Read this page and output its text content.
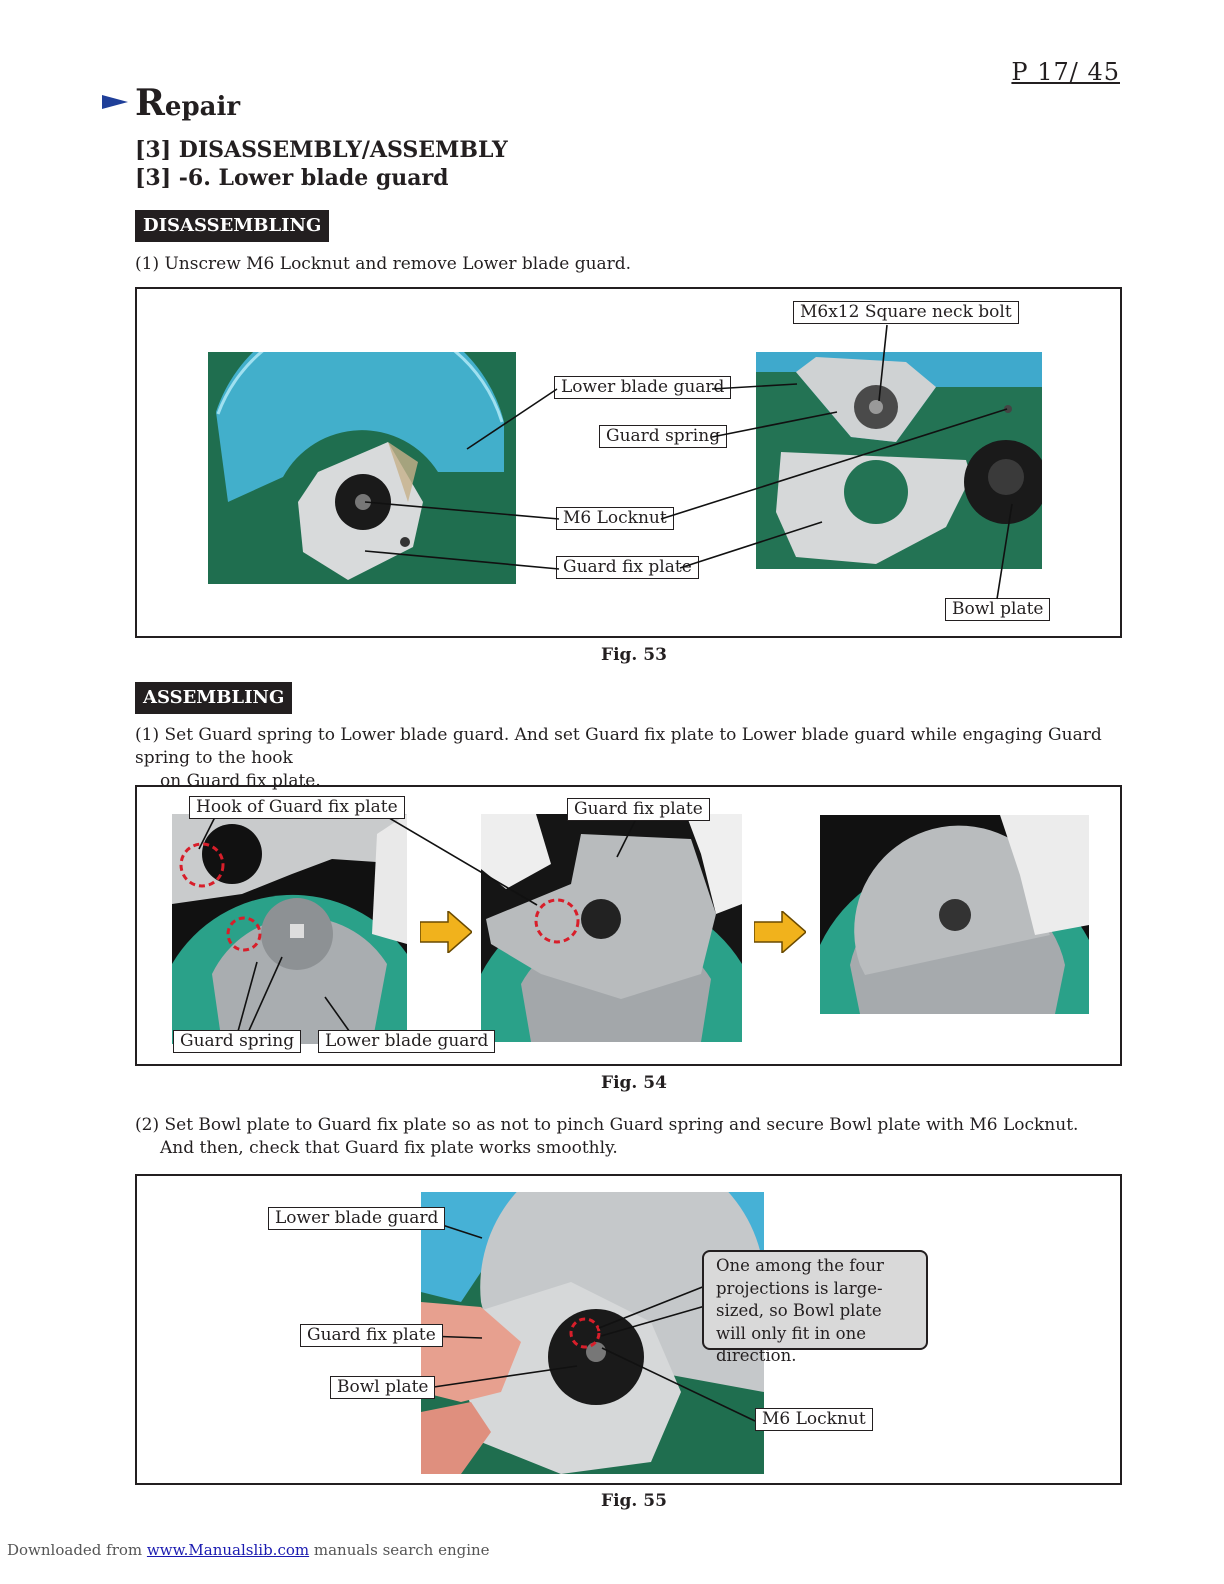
P 17/ 45
Repair
[3] DISASSEMBLY/ASSEMBLY
[3] -6. Lower blade guard
DISASSEMBLING
(1) Unscrew M6 Locknut and remove Lower blade guard.
M6x12 Square neck bolt
Lower blade guard
Guard spring
M6 Locknut
Guard fix plate
Bowl plate
Fig. 53
ASSEMBLING
(1) Set Guard spring to Lower blade guard. And set Guard fix plate to Lower blade guard while engaging Guard spring to the hook
on Guard fix plate.
Hook of Guard fix plate	Guard fix plate
Guard spring	Lower blade guard
Fig. 54
(2) Set Bowl plate to Guard fix plate so as not to pinch Guard spring and secure Bowl plate with M6 Locknut.
And then, check that Guard fix plate works smoothly.
Lower blade guard
Guard fix plate
Bowl plate
M6 Locknut
One among the four projections is large-sized, so Bowl plate will only fit in one direction.
Fig. 55
Downloaded from www.Manualslib.com manuals search engine
